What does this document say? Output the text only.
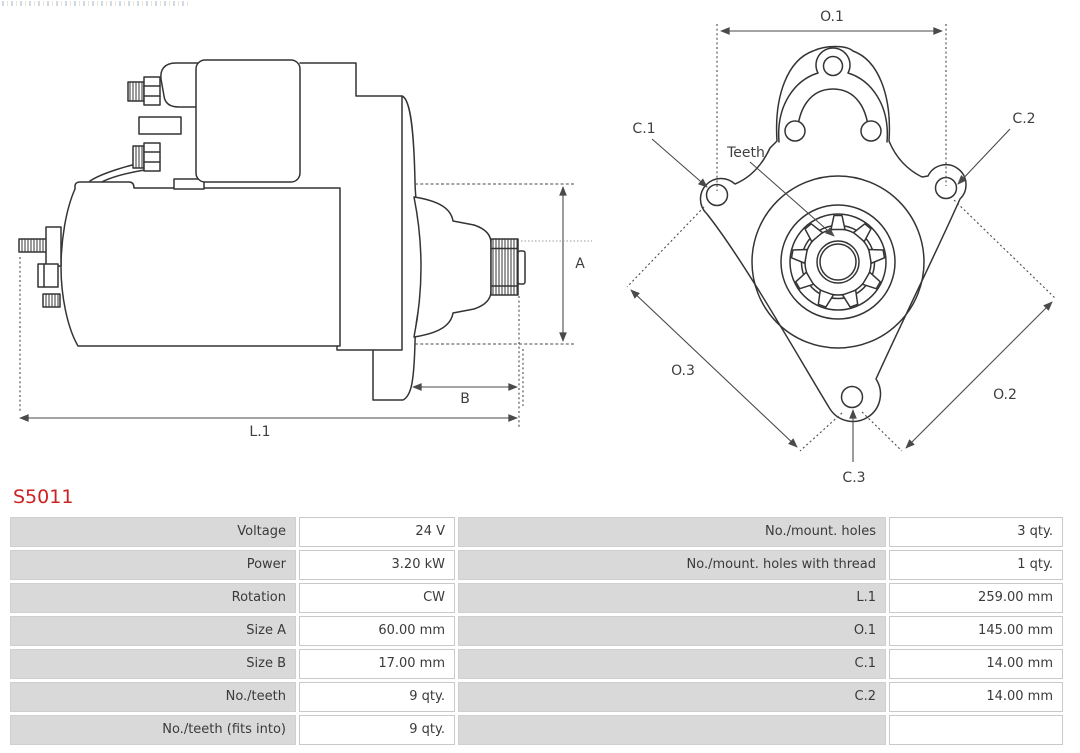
A
B
L.1
O.1
C.1
C.2
Teeth
O.3
O.2
C.3
S5011
Voltage	24 V	No./mount. holes	3 qty.
Power	3.20 kW	No./mount. holes with thread	1 qty.
Rotation	CW	L.1	259.00 mm
Size A	60.00 mm	O.1	145.00 mm
Size B	17.00 mm	C.1	14.00 mm
No./teeth	9 qty.	C.2	14.00 mm
No./teeth (fits into)	9 qty.
